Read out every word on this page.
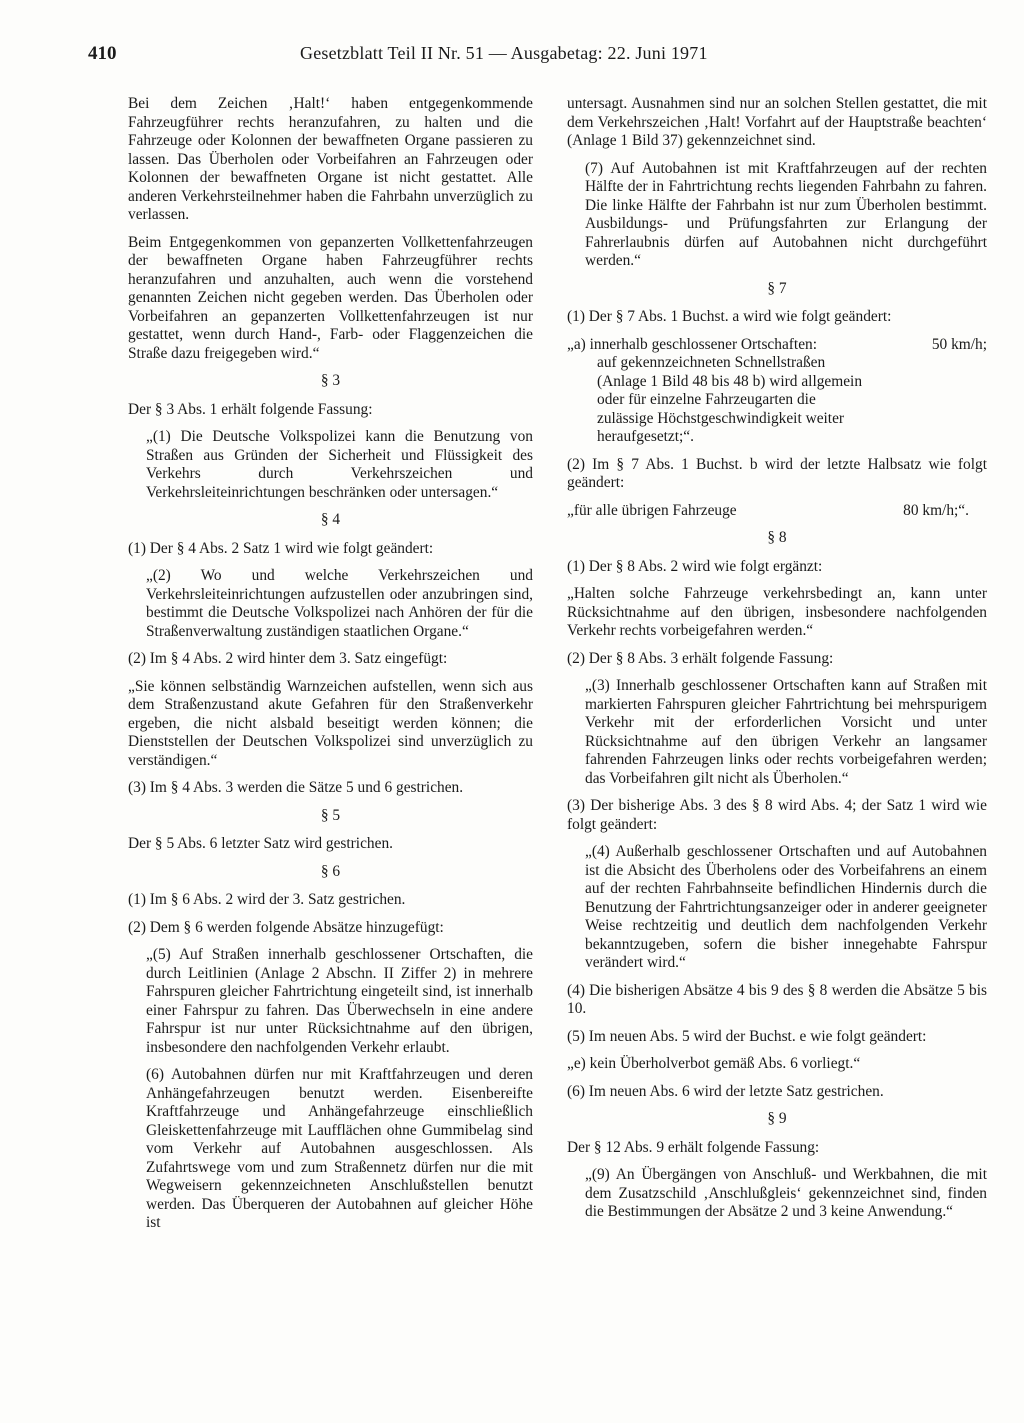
410	Gesetzblatt Teil II Nr. 51 — Ausgabetag: 22. Juni 1971

Bei dem Zeichen ‚Halt!‘ haben entgegenkommende Fahrzeugführer rechts heranzufahren, zu halten und die Fahrzeuge oder Kolonnen der bewaffneten Organe passieren zu lassen. Das Überholen oder Vorbeifahren an Fahrzeugen oder Kolonnen der bewaffneten Organe ist nicht gestattet. Alle anderen Verkehrsteilnehmer haben die Fahrbahn unverzüglich zu verlassen.

Beim Entgegenkommen von gepanzerten Vollkettenfahrzeugen der bewaffneten Organe haben Fahrzeugführer rechts heranzufahren und anzuhalten, auch wenn die vorstehend genannten Zeichen nicht gegeben werden. Das Überholen oder Vorbeifahren an gepanzerten Vollkettenfahrzeugen ist nur gestattet, wenn durch Hand-, Farb- oder Flaggenzeichen die Straße dazu freigegeben wird.“

§ 3

Der § 3 Abs. 1 erhält folgende Fassung:

„(1) Die Deutsche Volkspolizei kann die Benutzung von Straßen aus Gründen der Sicherheit und Flüssigkeit des Verkehrs durch Verkehrszeichen und Verkehrsleiteinrichtungen beschränken oder untersagen.“

§ 4

(1) Der § 4 Abs. 2 Satz 1 wird wie folgt geändert:

„(2) Wo und welche Verkehrszeichen und Verkehrsleiteinrichtungen aufzustellen oder anzubringen sind, bestimmt die Deutsche Volkspolizei nach Anhören der für die Straßenverwaltung zuständigen staatlichen Organe.“

(2) Im § 4 Abs. 2 wird hinter dem 3. Satz eingefügt:

„Sie können selbständig Warnzeichen aufstellen, wenn sich aus dem Straßenzustand akute Gefahren für den Straßenverkehr ergeben, die nicht alsbald beseitigt werden können; die Dienststellen der Deutschen Volkspolizei sind unverzüglich zu verständigen.“

(3) Im § 4 Abs. 3 werden die Sätze 5 und 6 gestrichen.

§ 5

Der § 5 Abs. 6 letzter Satz wird gestrichen.

§ 6

(1) Im § 6 Abs. 2 wird der 3. Satz gestrichen.

(2) Dem § 6 werden folgende Absätze hinzugefügt:

„(5) Auf Straßen innerhalb geschlossener Ortschaften, die durch Leitlinien (Anlage 2 Abschn. II Ziffer 2) in mehrere Fahrspuren gleicher Fahrtrichtung eingeteilt sind, ist innerhalb einer Fahrspur zu fahren. Das Überwechseln in eine andere Fahrspur ist nur unter Rücksichtnahme auf den übrigen, insbesondere den nachfolgenden Verkehr erlaubt.

(6) Autobahnen dürfen nur mit Kraftfahrzeugen und deren Anhängefahrzeugen benutzt werden. Eisenbereifte Kraftfahrzeuge und Anhängefahrzeuge einschließlich Gleiskettenfahrzeuge mit Laufflächen ohne Gummibelag sind vom Verkehr auf Autobahnen ausgeschlossen. Als Zufahrtswege vom und zum Straßennetz dürfen nur die mit Wegweisern gekennzeichneten Anschlußstellen benutzt werden. Das Überqueren der Autobahnen auf gleicher Höhe ist

untersagt. Ausnahmen sind nur an solchen Stellen gestattet, die mit dem Verkehrszeichen ‚Halt! Vorfahrt auf der Hauptstraße beachten‘ (Anlage 1 Bild 37) gekennzeichnet sind.

(7) Auf Autobahnen ist mit Kraftfahrzeugen auf der rechten Hälfte der in Fahrtrichtung rechts liegenden Fahrbahn zu fahren. Die linke Hälfte der Fahrbahn ist nur zum Überholen bestimmt. Ausbildungs- und Prüfungsfahrten zur Erlangung der Fahrerlaubnis dürfen auf Autobahnen nicht durchgeführt werden.“

§ 7

(1) Der § 7 Abs. 1 Buchst. a wird wie folgt geändert:

„a) innerhalb geschlossener Ortschaften:	50 km/h;

auf gekennzeichneten Schnellstraßen (Anlage 1 Bild 48 bis 48 b) wird allgemein oder für einzelne Fahrzeugarten die zulässige Höchstgeschwindigkeit weiter heraufgesetzt;“.

(2) Im § 7 Abs. 1 Buchst. b wird der letzte Halbsatz wie folgt geändert:

„für alle übrigen Fahrzeuge	80 km/h;“.
§ 8

(1) Der § 8 Abs. 2 wird wie folgt ergänzt:

„Halten solche Fahrzeuge verkehrsbedingt an, kann unter Rücksichtnahme auf den übrigen, insbesondere nachfolgenden Verkehr rechts vorbeigefahren werden.“

(2) Der § 8 Abs. 3 erhält folgende Fassung:

„(3) Innerhalb geschlossener Ortschaften kann auf Straßen mit markierten Fahrspuren gleicher Fahrtrichtung bei mehrspurigem Verkehr mit der erforderlichen Vorsicht und unter Rücksichtnahme auf den übrigen Verkehr an langsamer fahrenden Fahrzeugen links oder rechts vorbeigefahren werden; das Vorbeifahren gilt nicht als Überholen.“

(3) Der bisherige Abs. 3 des § 8 wird Abs. 4; der Satz 1 wird wie folgt geändert:

„(4) Außerhalb geschlossener Ortschaften und auf Autobahnen ist die Absicht des Überholens oder des Vorbeifahrens an einem auf der rechten Fahrbahnseite befindlichen Hindernis durch die Benutzung der Fahrtrichtungsanzeiger oder in anderer geeigneter Weise rechtzeitig und deutlich dem nachfolgenden Verkehr bekanntzugeben, sofern die bisher innegehabte Fahrspur verändert wird.“

(4) Die bisherigen Absätze 4 bis 9 des § 8 werden die Absätze 5 bis 10.

(5) Im neuen Abs. 5 wird der Buchst. e wie folgt geändert:

„e) kein Überholverbot gemäß Abs. 6 vorliegt.“

(6) Im neuen Abs. 6 wird der letzte Satz gestrichen.

§ 9

Der § 12 Abs. 9 erhält folgende Fassung:

„(9) An Übergängen von Anschluß- und Werkbahnen, die mit dem Zusatzschild ‚Anschlußgleis‘ gekennzeichnet sind, finden die Bestimmungen der Absätze 2 und 3 keine Anwendung.“
